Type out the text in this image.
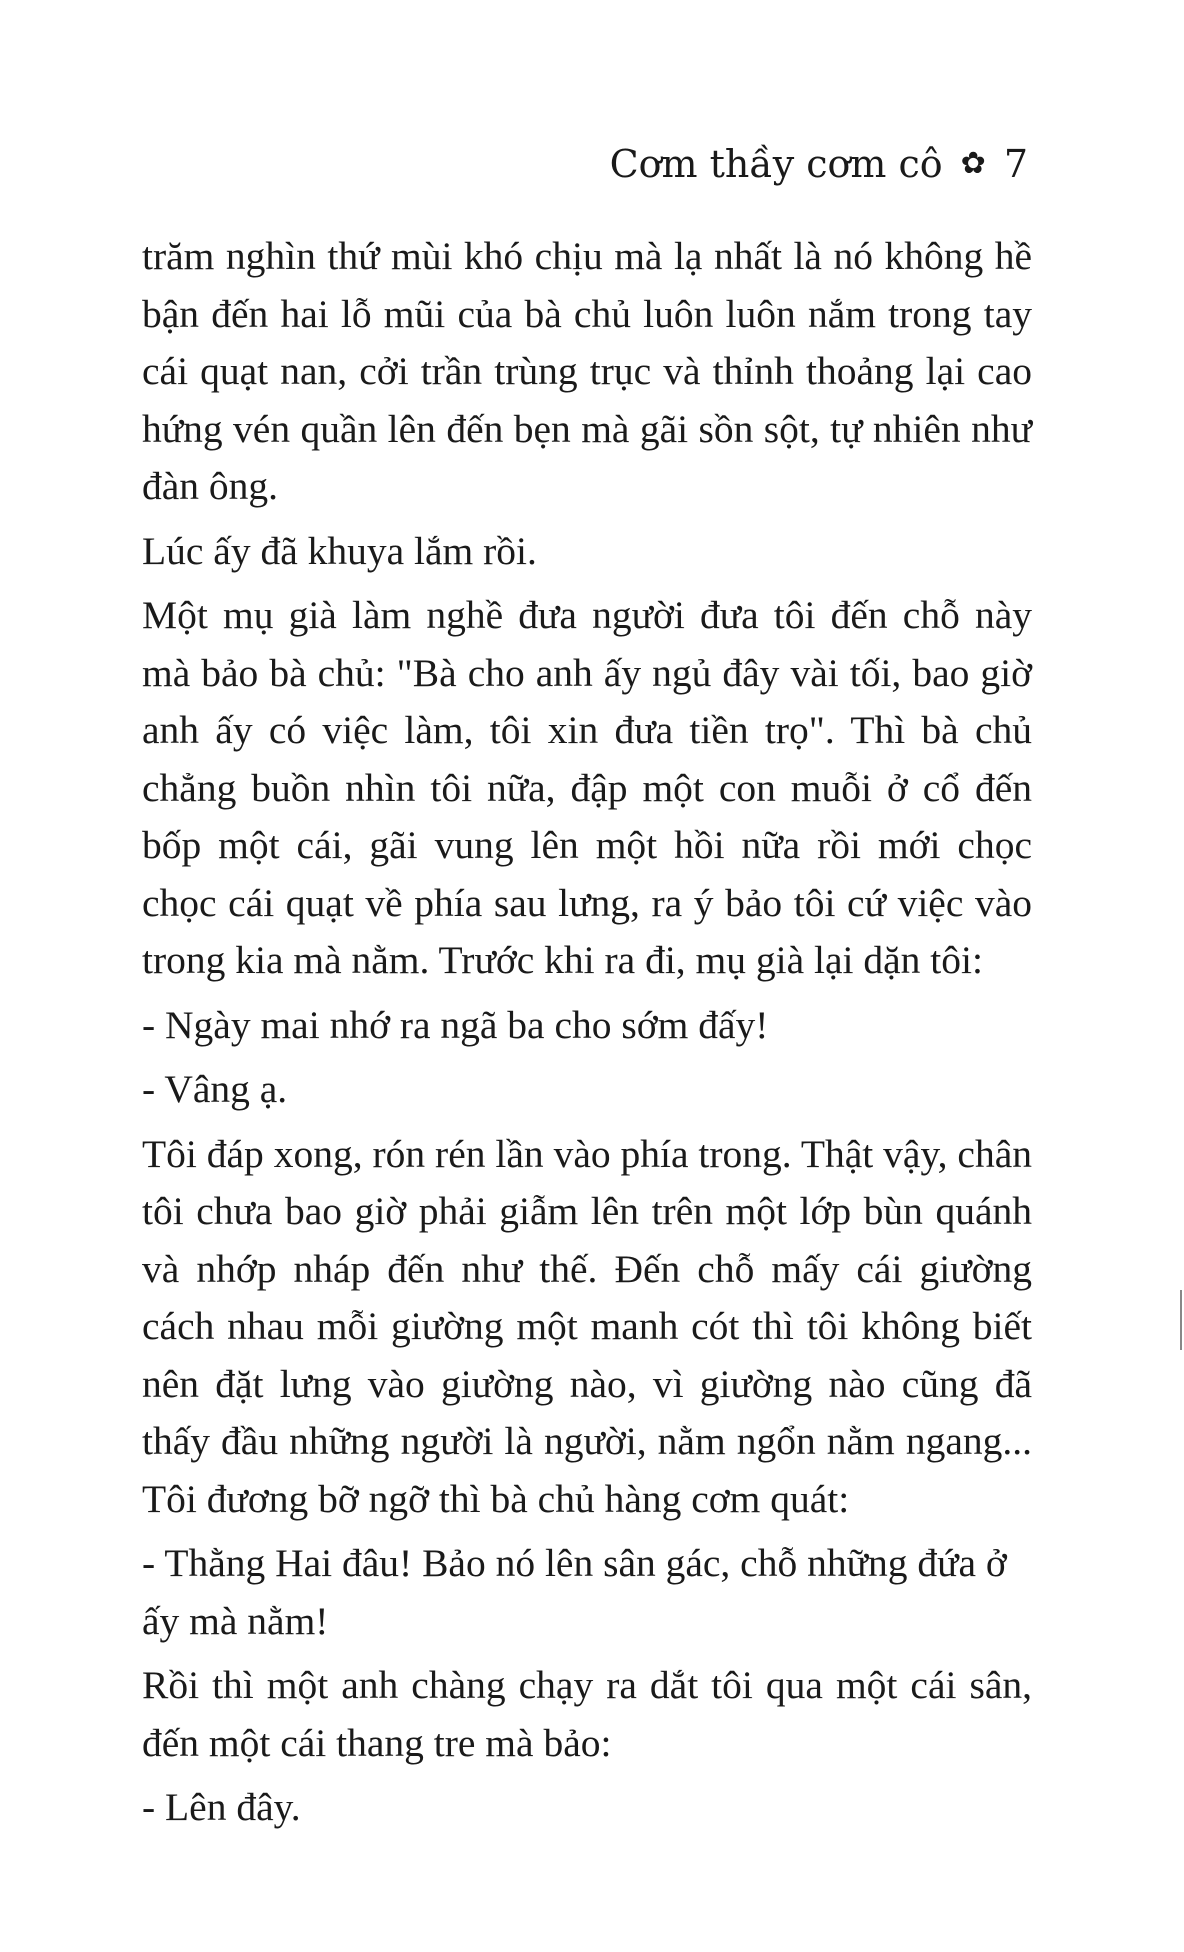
Cơm thầy cơm cô ✿ 7

trăm nghìn thứ mùi khó chịu mà lạ nhất là nó không hề bận đến hai lỗ mũi của bà chủ luôn luôn nắm trong tay cái quạt nan, cởi trần trùng trục và thỉnh thoảng lại cao hứng vén quần lên đến bẹn mà gãi sồn sột, tự nhiên như đàn ông.

Lúc ấy đã khuya lắm rồi.

Một mụ già làm nghề đưa người đưa tôi đến chỗ này mà bảo bà chủ: "Bà cho anh ấy ngủ đây vài tối, bao giờ anh ấy có việc làm, tôi xin đưa tiền trọ". Thì bà chủ chẳng buồn nhìn tôi nữa, đập một con muỗi ở cổ đến bốp một cái, gãi vung lên một hồi nữa rồi mới chọc chọc cái quạt về phía sau lưng, ra ý bảo tôi cứ việc vào trong kia mà nằm. Trước khi ra đi, mụ già lại dặn tôi:

- Ngày mai nhớ ra ngã ba cho sớm đấy!

- Vâng ạ.

Tôi đáp xong, rón rén lần vào phía trong. Thật vậy, chân tôi chưa bao giờ phải giẫm lên trên một lớp bùn quánh và nhớp nháp đến như thế. Đến chỗ mấy cái giường cách nhau mỗi giường một manh cót thì tôi không biết nên đặt lưng vào giường nào, vì giường nào cũng đã thấy đầu những người là người, nằm ngổn nằm ngang... Tôi đương bỡ ngỡ thì bà chủ hàng cơm quát:

- Thằng Hai đâu! Bảo nó lên sân gác, chỗ những đứa ở ấy mà nằm!

Rồi thì một anh chàng chạy ra dắt tôi qua một cái sân, đến một cái thang tre mà bảo:

- Lên đây.
